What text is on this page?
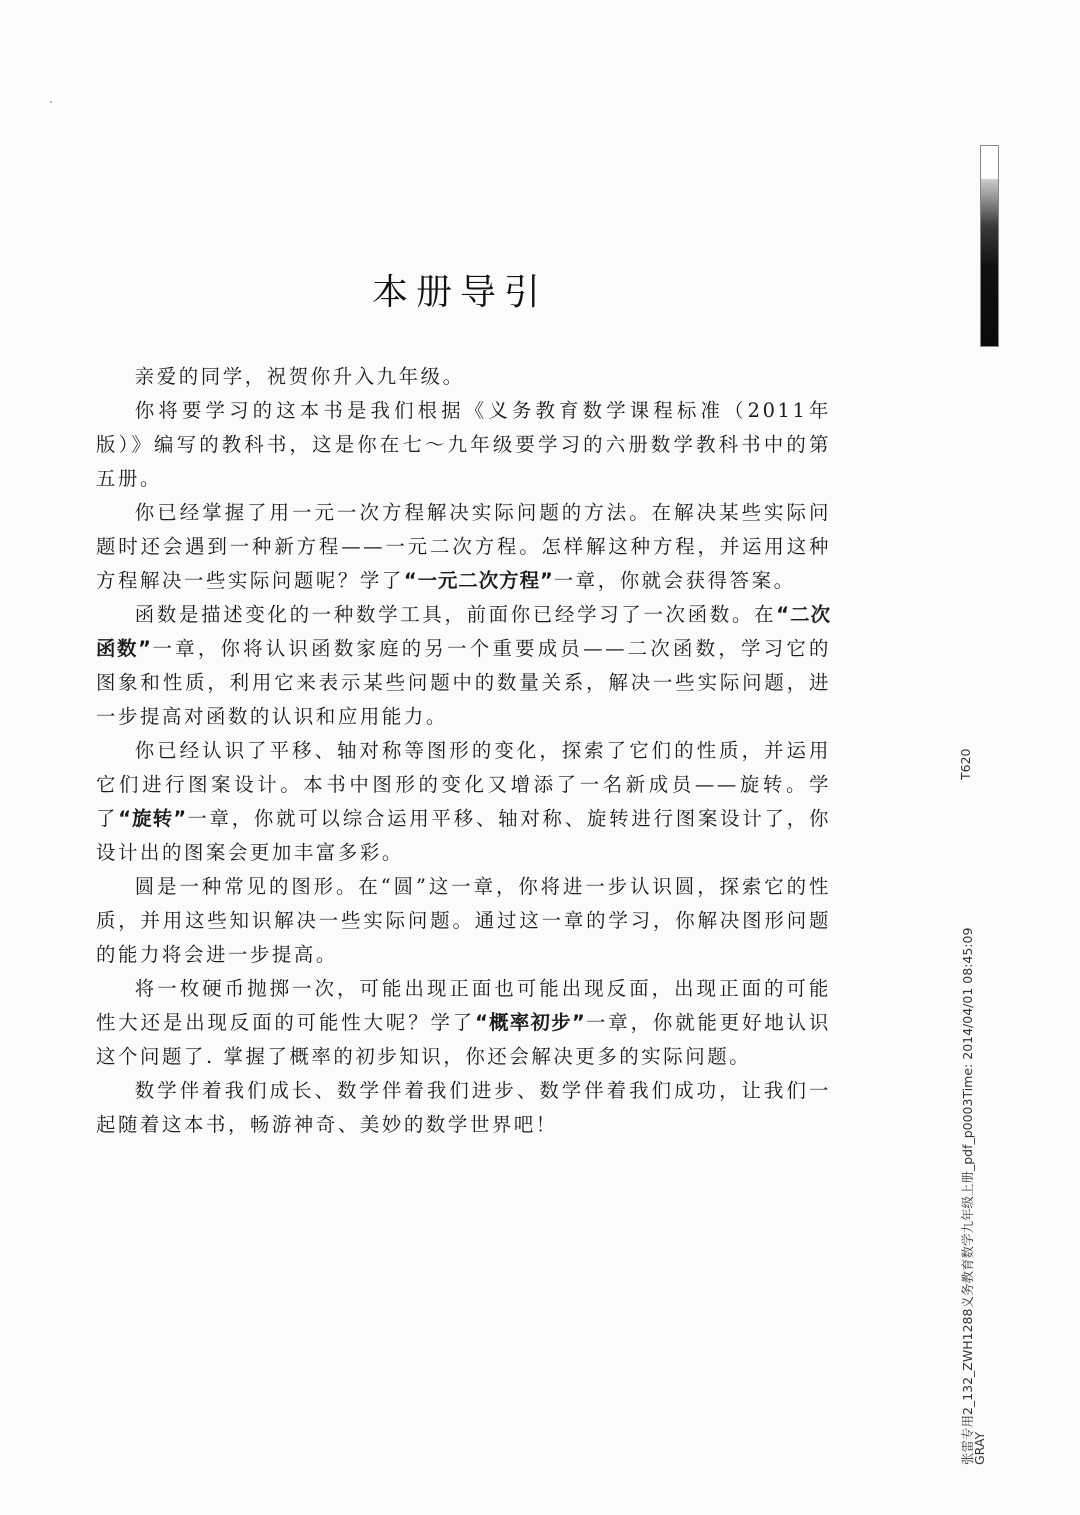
本册导引

亲爱的同学，祝贺你升入九年级。

你将要学习的这本书是我们根据《义务教育数学课程标准（2011年版）》编写的教科书，这是你在七～九年级要学习的六册数学教科书中的第五册。

你已经掌握了用一元一次方程解决实际问题的方法。在解决某些实际问题时还会遇到一种新方程——一元二次方程。怎样解这种方程，并运用这种方程解决一些实际问题呢？学了“一元二次方程”一章，你就会获得答案。

函数是描述变化的一种数学工具，前面你已经学习了一次函数。在“二次函数”一章，你将认识函数家庭的另一个重要成员——二次函数，学习它的图象和性质，利用它来表示某些问题中的数量关系，解决一些实际问题，进一步提高对函数的认识和应用能力。

你已经认识了平移、轴对称等图形的变化，探索了它们的性质，并运用它们进行图案设计。本书中图形的变化又增添了一名新成员——旋转。学了“旋转”一章，你就可以综合运用平移、轴对称、旋转进行图案设计了，你设计出的图案会更加丰富多彩。

圆是一种常见的图形。在“圆”这一章，你将进一步认识圆，探索它的性质，并用这些知识解决一些实际问题。通过这一章的学习，你解决图形问题的能力将会进一步提高。

将一枚硬币抛掷一次，可能出现正面也可能出现反面，出现正面的可能性大还是出现反面的可能性大呢？学了“概率初步”一章，你就能更好地认识这个问题了. 掌握了概率的初步知识，你还会解决更多的实际问题。

数学伴着我们成长、数学伴着我们进步、数学伴着我们成功，让我们一起随着这本书，畅游神奇、美妙的数学世界吧！

T620
张雷专用2_132_ZWH1288义务教育数学九年级上册_pdf_p0003Time: 2014/04/01 08:45:09
GRAY
